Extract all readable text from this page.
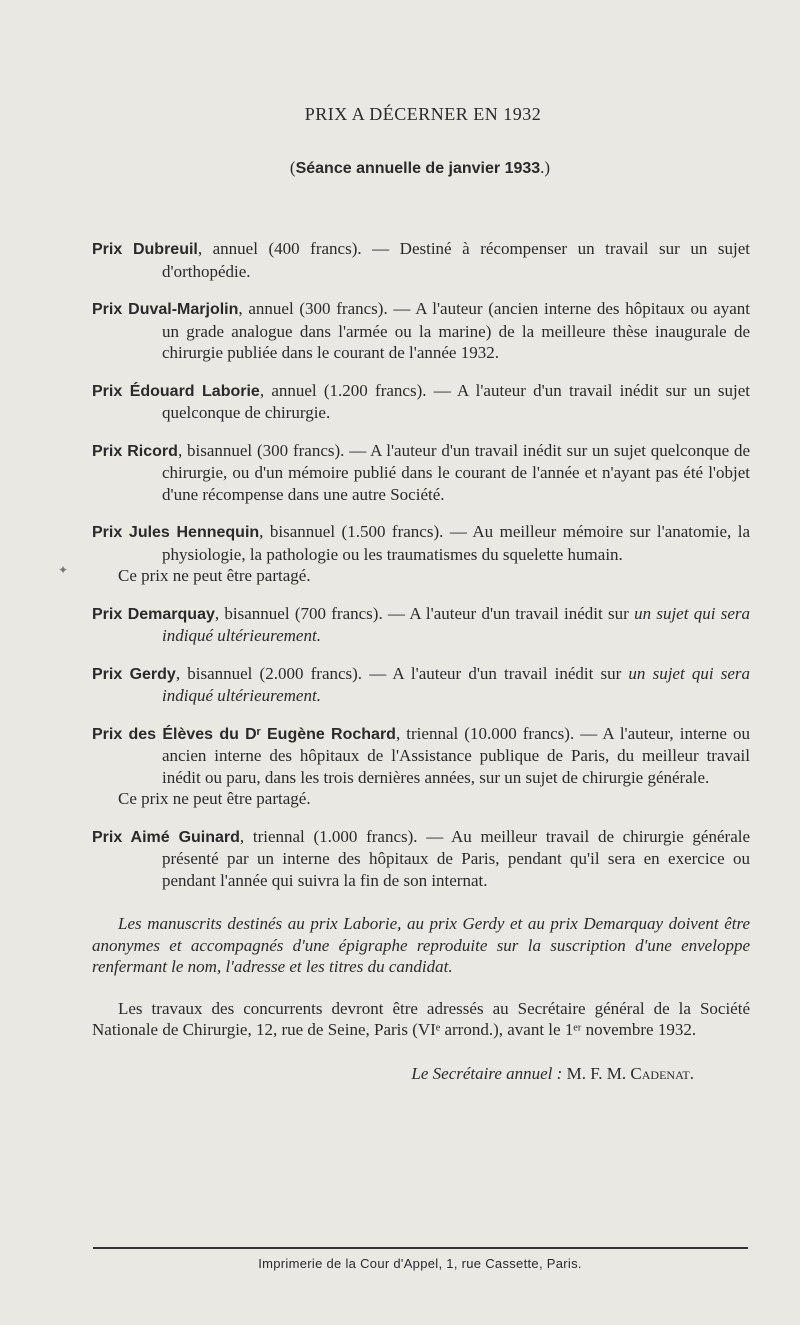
PRIX A DÉCERNER EN 1932
(Séance annuelle de janvier 1933.)
✦

Prix Dubreuil, annuel (400 francs). — Destiné à récompenser un travail sur un sujet d'orthopédie.

Prix Duval-Marjolin, annuel (300 francs). — A l'auteur (ancien interne des hôpitaux ou ayant un grade analogue dans l'armée ou la marine) de la meilleure thèse inaugurale de chirurgie publiée dans le courant de l'année 1932.

Prix Édouard Laborie, annuel (1.200 francs). — A l'auteur d'un travail inédit sur un sujet quelconque de chirurgie.

Prix Ricord, bisannuel (300 francs). — A l'auteur d'un travail inédit sur un sujet quelconque de chirurgie, ou d'un mémoire publié dans le courant de l'année et n'ayant pas été l'objet d'une récompense dans une autre Société.

Prix Jules Hennequin, bisannuel (1.500 francs). — Au meilleur mémoire sur l'anatomie, la physiologie, la pathologie ou les traumatismes du squelette humain.

Ce prix ne peut être partagé.

Prix Demarquay, bisannuel (700 francs). — A l'auteur d'un travail inédit sur un sujet qui sera indiqué ultérieurement.

Prix Gerdy, bisannuel (2.000 francs). — A l'auteur d'un travail inédit sur un sujet qui sera indiqué ultérieurement.

Prix des Élèves du Dʳ Eugène Rochard, triennal (10.000 francs). — A l'auteur, interne ou ancien interne des hôpitaux de l'Assistance publique de Paris, du meilleur travail inédit ou paru, dans les trois dernières années, sur un sujet de chirurgie générale.

Ce prix ne peut être partagé.

Prix Aimé Guinard, triennal (1.000 francs). — Au meilleur travail de chirurgie générale présenté par un interne des hôpitaux de Paris, pendant qu'il sera en exercice ou pendant l'année qui suivra la fin de son internat.

Les manuscrits destinés au prix Laborie, au prix Gerdy et au prix Demarquay doivent être anonymes et accompagnés d'une épigraphe reproduite sur la suscription d'une enveloppe renfermant le nom, l'adresse et les titres du candidat.

Les travaux des concurrents devront être adressés au Secrétaire général de la Société Nationale de Chirurgie, 12, rue de Seine, Paris (VIᵉ arrond.), avant le 1ᵉʳ novembre 1932.

Le Secrétaire annuel : M. F. M. Cadenat.

Imprimerie de la Cour d'Appel, 1, rue Cassette, Paris.
